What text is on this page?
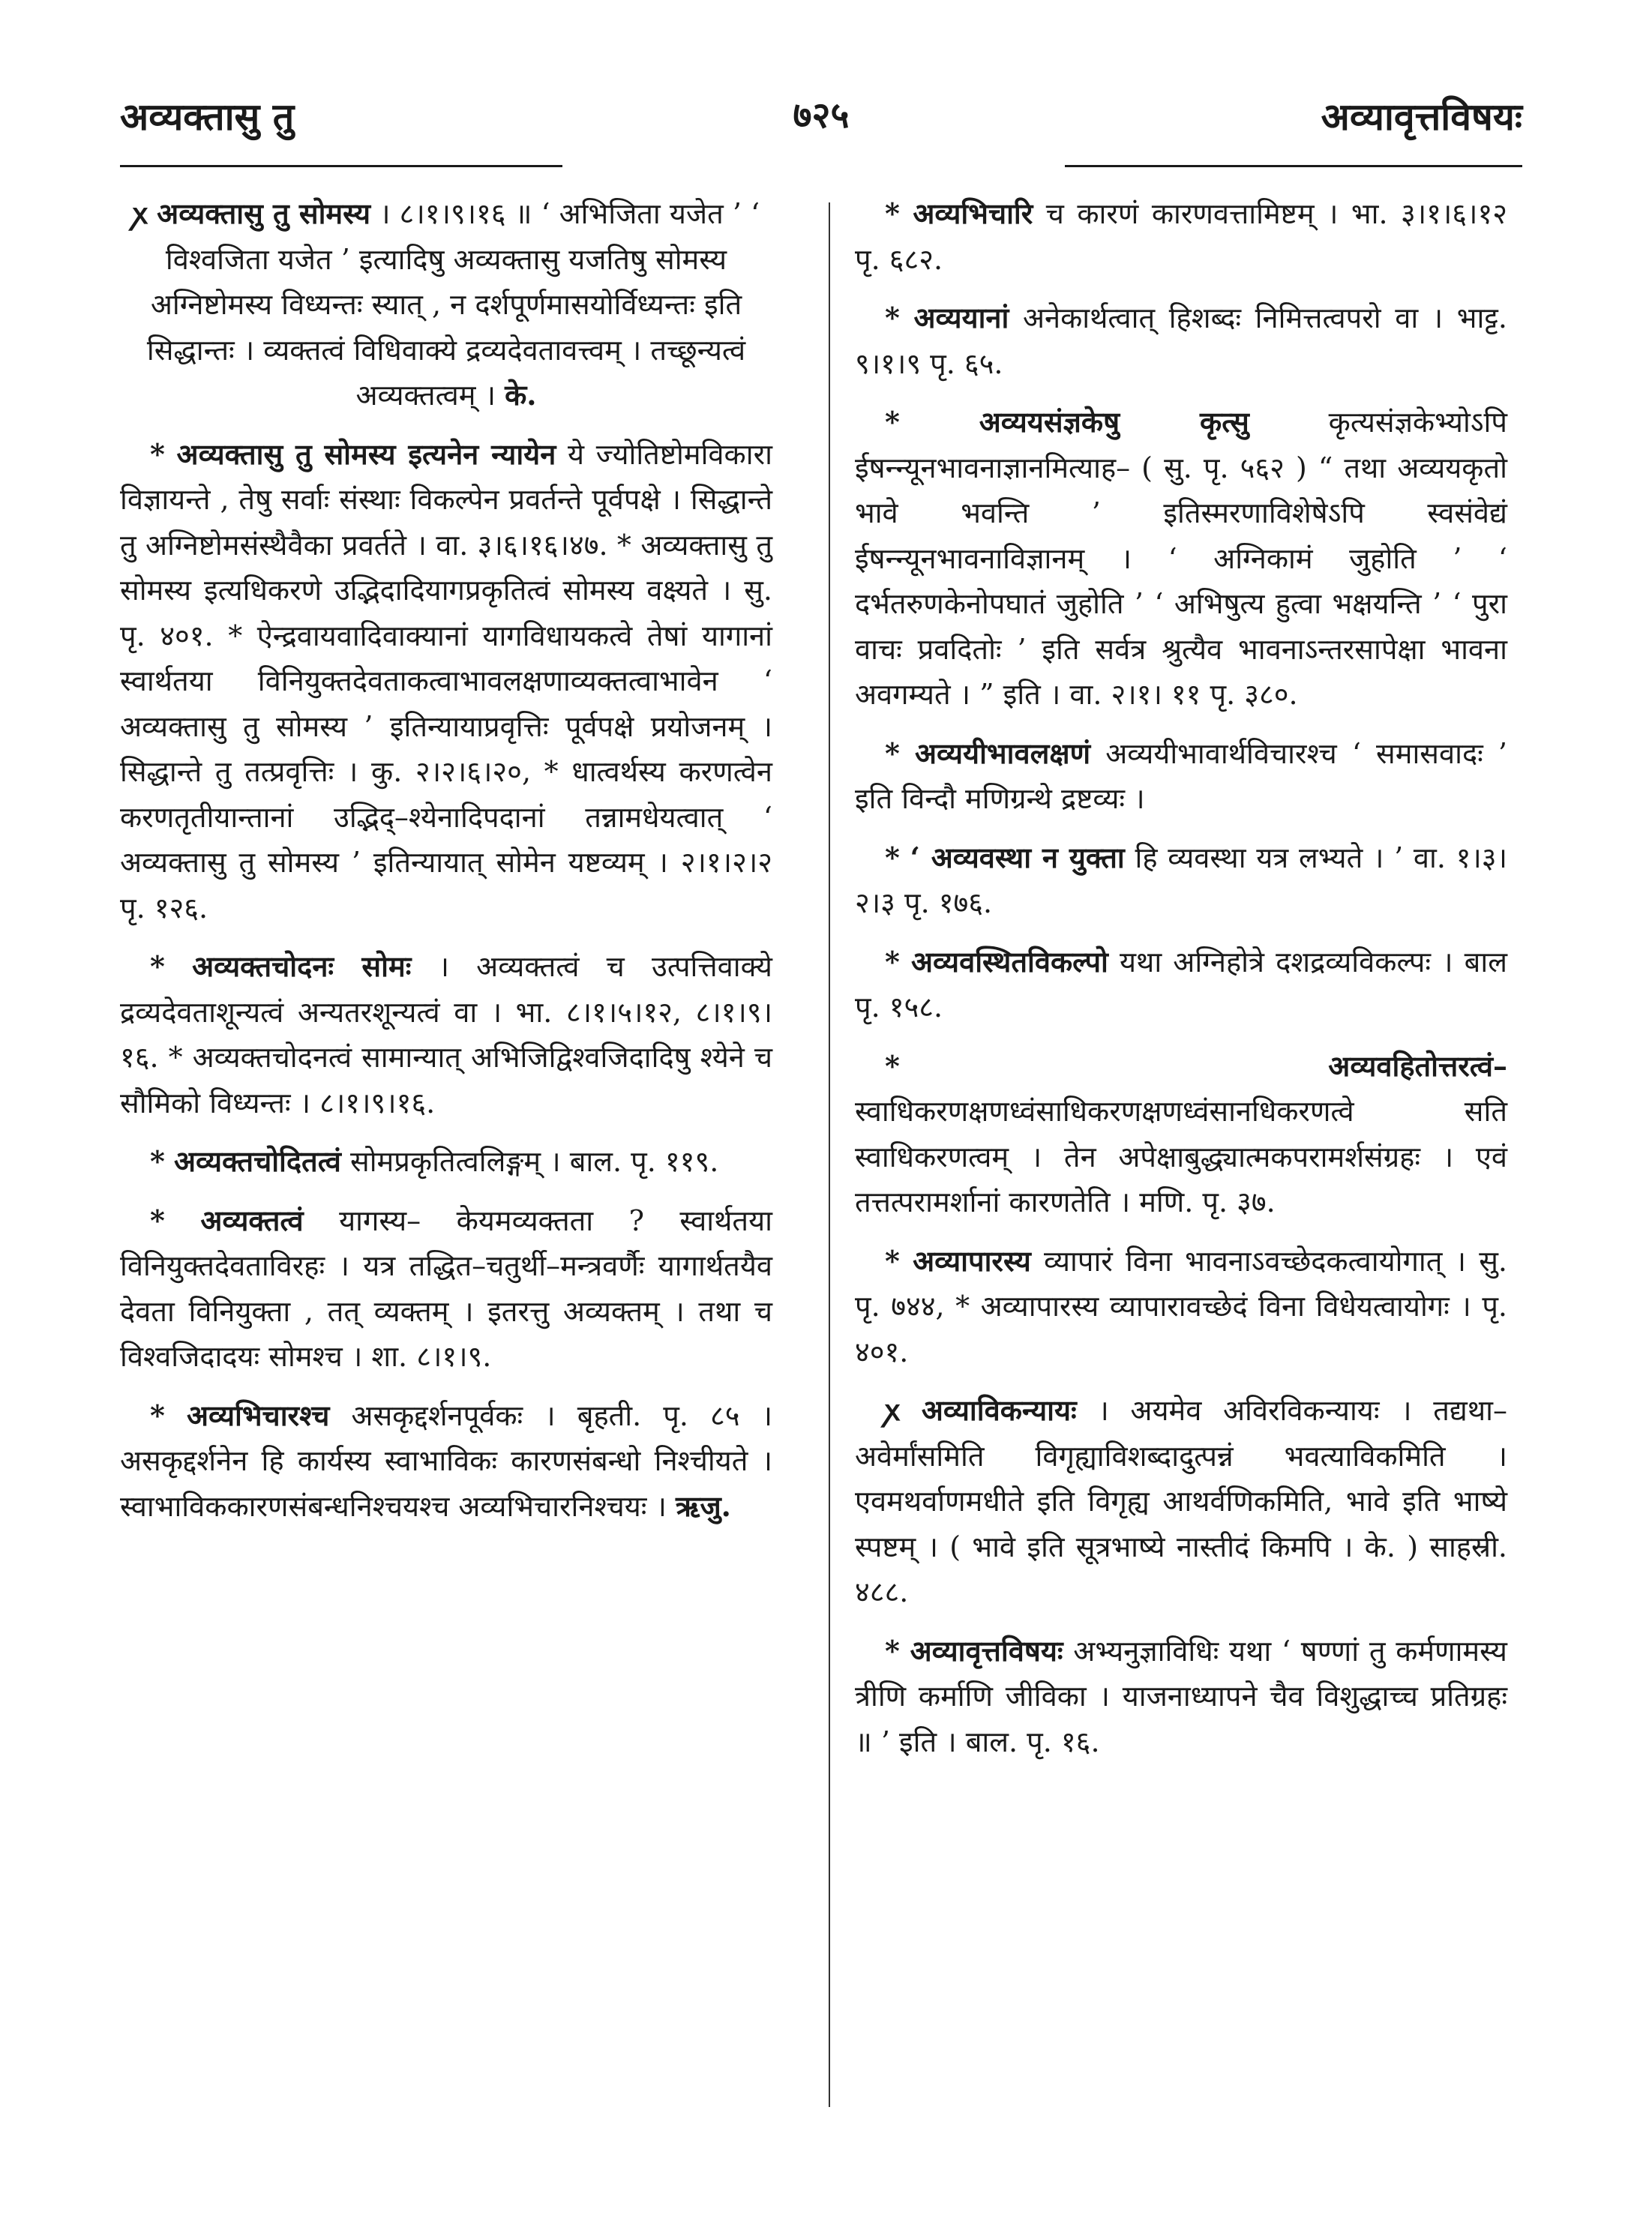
अव्यक्तासु तु	७२५	अव्यावृत्तविषयः

ꭗ अव्यक्तासु तु सोमस्य । ८।१।९।१६ ॥ ‘ अभिजिता यजेत ’ ‘ विश्वजिता यजेत ’ इत्यादिषु अव्यक्तासु यजतिषु सोमस्य अग्निष्टोमस्य विध्यन्तः स्यात् , न दर्शपूर्णमासयोर्विध्यन्तः इति सिद्धान्तः । व्यक्तत्वं विधिवाक्ये द्रव्यदेवतावत्त्वम् । तच्छून्यत्वं अव्यक्तत्वम् । के.

* अव्यक्तासु तु सोमस्य इत्यनेन न्यायेन ये ज्योतिष्टोमविकारा विज्ञायन्ते , तेषु सर्वाः संस्थाः विकल्पेन प्रवर्तन्ते पूर्वपक्षे । सिद्धान्ते तु अग्निष्टोमसंस्थैवैका प्रवर्तते । वा. ३।६।१६।४७. * अव्यक्तासु तु सोमस्य इत्यधिकरणे उद्भिदादियागप्रकृतित्वं सोमस्य वक्ष्यते । सु. पृ. ४०१. * ऐन्द्रवायवादिवाक्यानां यागविधायकत्वे तेषां यागानां स्वार्थतया विनियुक्तदेवताकत्वाभावलक्षणाव्यक्तत्वाभावेन ‘ अव्यक्तासु तु सोमस्य ’ इतिन्यायाप्रवृत्तिः पूर्वपक्षे प्रयोजनम् । सिद्धान्ते तु तत्प्रवृत्तिः । कु. २।२।६।२०, * धात्वर्थस्य करणत्वेन करणतृतीयान्तानां उद्भिद्–श्येनादिपदानां तन्नामधेयत्वात् ‘ अव्यक्तासु तु सोमस्य ’ इतिन्यायात् सोमेन यष्टव्यम् । २।१।२।२ पृ. १२६.

* अव्यक्तचोदनः सोमः । अव्यक्तत्वं च उत्पत्तिवाक्ये द्रव्यदेवताशून्यत्वं अन्यतरशून्यत्वं वा । भा. ८।१।५।१२, ८।१।९।१६. * अव्यक्तचोदनत्वं सामान्यात् अभिजिद्विश्वजिदादिषु श्येने च सौमिको विध्यन्तः । ८।१।९।१६.

* अव्यक्तचोदितत्वं सोमप्रकृतित्वलिङ्गम् । बाल. पृ. ११९.

* अव्यक्तत्वं यागस्य– केयमव्यक्तता ? स्वार्थतया विनियुक्तदेवताविरहः । यत्र तद्धित–चतुर्थी–मन्त्रवर्णैः यागार्थतयैव देवता विनियुक्ता , तत् व्यक्तम् । इतरत्तु अव्यक्तम् । तथा च विश्वजिदादयः सोमश्च । शा. ८।१।९.

* अव्यभिचारश्च असकृद्दर्शनपूर्वकः । बृहती. पृ. ८५ । असकृद्दर्शनेन हि कार्यस्य स्वाभाविकः कारणसंबन्धो निश्चीयते । स्वाभाविककारणसंबन्धनिश्चयश्च अव्यभिचारनिश्चयः । ऋजु.

* अव्यभिचारि च कारणं कारणवत्तामिष्टम् । भा. ३।१।६।१२ पृ. ६८२.

* अव्ययानां अनेकार्थत्वात् हिशब्दः निमित्तत्वपरो वा । भाट्ट. ९।१।९ पृ. ६५.

*	अव्ययसंज्ञकेषु कृत्सु	कृत्यसंज्ञकेभ्योऽपि ईषन्न्यूनभावनाज्ञानमित्याह– ( सु. पृ. ५६२ ) “ तथा अव्ययकृतो भावे भवन्ति ’ इतिस्मरणाविशेषेऽपि स्वसंवेद्यं ईषन्न्यूनभावनाविज्ञानम् । ‘ अग्निकामं जुहोति ’ ‘ दर्भतरुणकेनोपघातं जुहोति ’ ‘ अभिषुत्य हुत्वा भक्षयन्ति ’ ‘ पुरा वाचः प्रवदितोः ’ इति सर्वत्र श्रुत्यैव भावनाऽन्तरसापेक्षा भावना अवगम्यते । ” इति । वा. २।१। ११ पृ. ३८०.

* अव्ययीभावलक्षणं अव्ययीभावार्थविचारश्च ‘ समासवादः ’ इति विन्दौ मणिग्रन्थे द्रष्टव्यः ।

* ‘ अव्यवस्था न युक्ता हि व्यवस्था यत्र लभ्यते । ’ वा. १।३।२।३ पृ. १७६.

* अव्यवस्थितविकल्पो यथा अग्निहोत्रे दशद्रव्यविकल्पः । बाल पृ. १५८.

*	अव्यवहितोत्तरत्वं– स्वाधिकरणक्षणध्वंसाधिकरणक्षणध्वंसानधिकरणत्वे सति स्वाधिकरणत्वम् । तेन अपेक्षाबुद्ध्यात्मकपरामर्शसंग्रहः । एवं तत्तत्परामर्शानां कारणतेति । मणि. पृ. ३७.

* अव्यापारस्य व्यापारं विना भावनाऽवच्छेदकत्वायोगात् । सु. पृ. ७४४, * अव्यापारस्य व्यापारावच्छेदं विना विधेयत्वायोगः । पृ. ४०१.

ꭗ अव्याविकन्यायः । अयमेव अविरविकन्यायः । तद्यथा– अवेर्मांसमिति विगृह्याविशब्दादुत्पन्नं भवत्याविकमिति । एवमथर्वाणमधीते इति विगृह्य आथर्वणिकमिति, भावे इति भाष्ये स्पष्टम् । ( भावे इति सूत्रभाष्ये नास्तीदं किमपि । के. ) साहस्री. ४८८.

* अव्यावृत्तविषयः अभ्यनुज्ञाविधिः यथा ‘ षण्णां तु कर्मणामस्य त्रीणि कर्माणि जीविका । याजनाध्यापने चैव विशुद्धाच्च प्रतिग्रहः ॥ ’ इति । बाल. पृ. १६.
